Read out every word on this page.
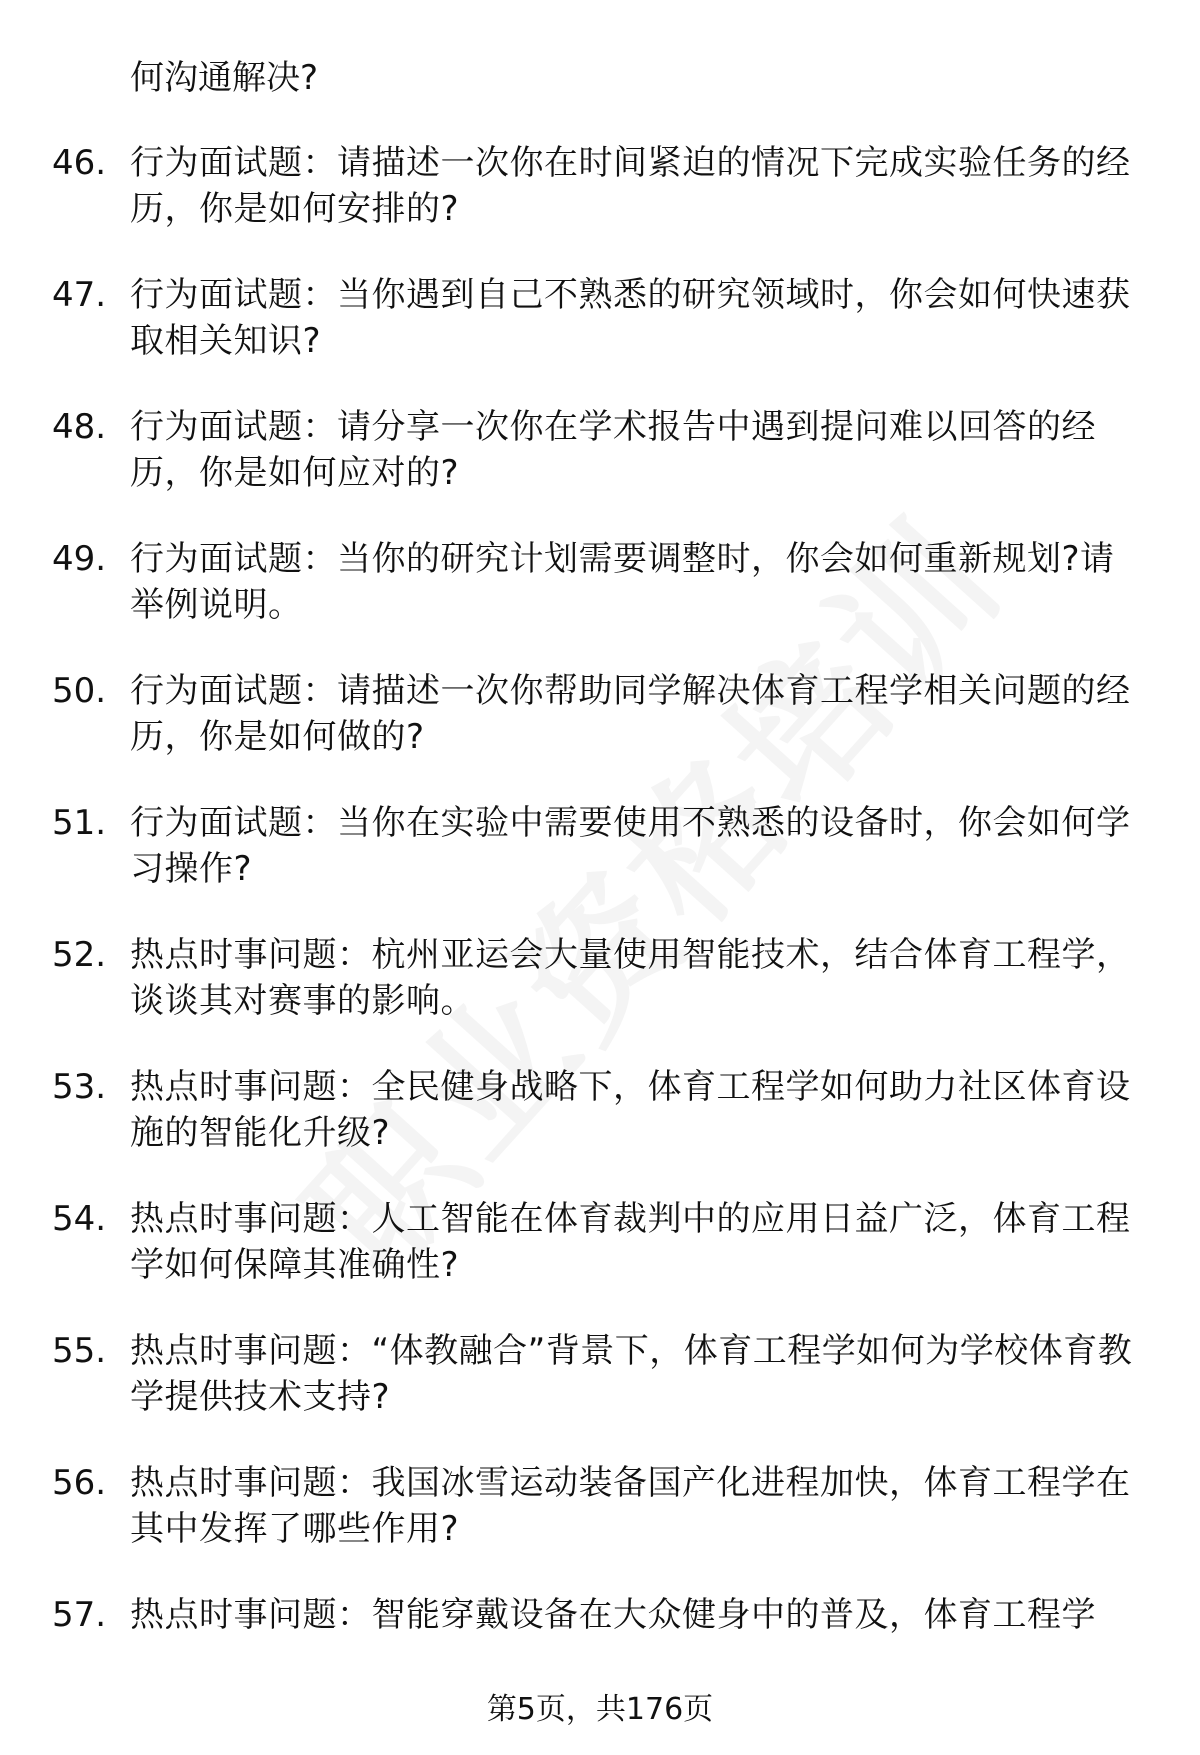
何沟通解决?
46. 行为面试题：请描述一次你在时间紧迫的情况下完成实验任务的经历，你是如何安排的?
47. 行为面试题：当你遇到自己不熟悉的研究领域时，你会如何快速获取相关知识?
48. 行为面试题：请分享一次你在学术报告中遇到提问难以回答的经历，你是如何应对的?
49. 行为面试题：当你的研究计划需要调整时，你会如何重新规划?请举例说明。
50. 行为面试题：请描述一次你帮助同学解决体育工程学相关问题的经历，你是如何做的?
51. 行为面试题：当你在实验中需要使用不熟悉的设备时，你会如何学习操作?
52. 热点时事问题：杭州亚运会大量使用智能技术，结合体育工程学，谈谈其对赛事的影响。
53. 热点时事问题：全民健身战略下，体育工程学如何助力社区体育设施的智能化升级?
54. 热点时事问题：人工智能在体育裁判中的应用日益广泛，体育工程学如何保障其准确性?
55. 热点时事问题：“体教融合”背景下，体育工程学如何为学校体育教学提供技术支持?
56. 热点时事问题：我国冰雪运动装备国产化进程加快，体育工程学在其中发挥了哪些作用?
57. 热点时事问题：智能穿戴设备在大众健身中的普及，体育工程学
第5页，共176页
